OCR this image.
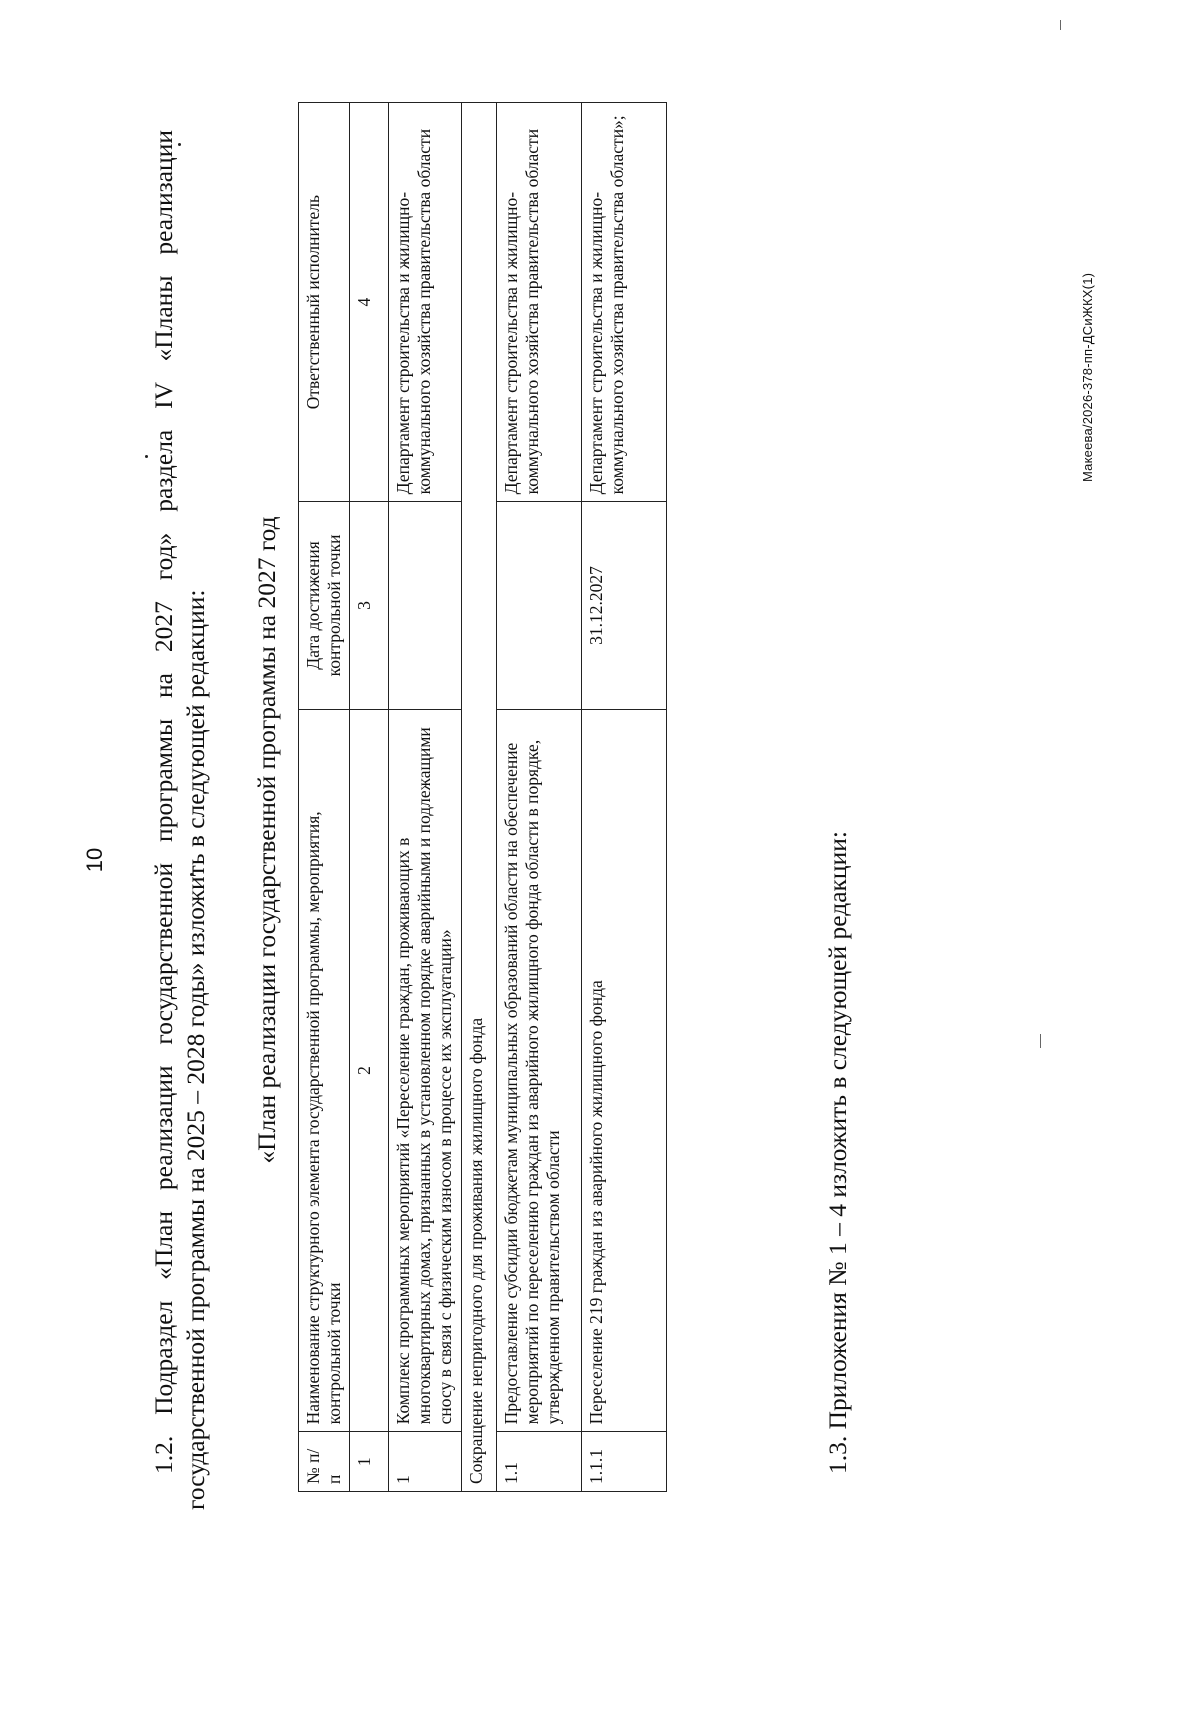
10 1.2. Подраздел «План реализации государственной программы на 2027 год» раздела IV «Планы реализации государственной программы на 2025 – 2028 годы» изложить в следующей редакции: «План реализации государственной программы на 2027 год
№ п/п	Наименование структурного элемента государственной программы, мероприятия, контрольной точки	Дата достижения контрольной точки	Ответственный исполнитель
1	2	3	4
1	Комплекс программных мероприятий «Переселение граждан, проживающих в многоквартирных домах, признанных в установленном порядке аварийными и подлежащими сносу в связи с физическим износом в процессе их эксплуатации»		Департамент строительства и жилищно-коммунального хозяйства правительства области
Сокращение непригодного для проживания жилищного фонда			
1.1	Предоставление субсидии бюджетам муниципальных образований области на обеспечение мероприятий по переселению граждан из аварийного жилищного фонда области в порядке, утвержденном правительством области		Департамент строительства и жилищно-коммунального хозяйства правительства области
1.1.1	Переселение 219 граждан из аварийного жилищного фонда	31.12.2027	Департамент строительства и жилищно-коммунального хозяйства правительства области»;
1.3. Приложения № 1 – 4 изложить в следующей редакции:
Макеева/2026-378-пп-ДСиЖКХ(1)
